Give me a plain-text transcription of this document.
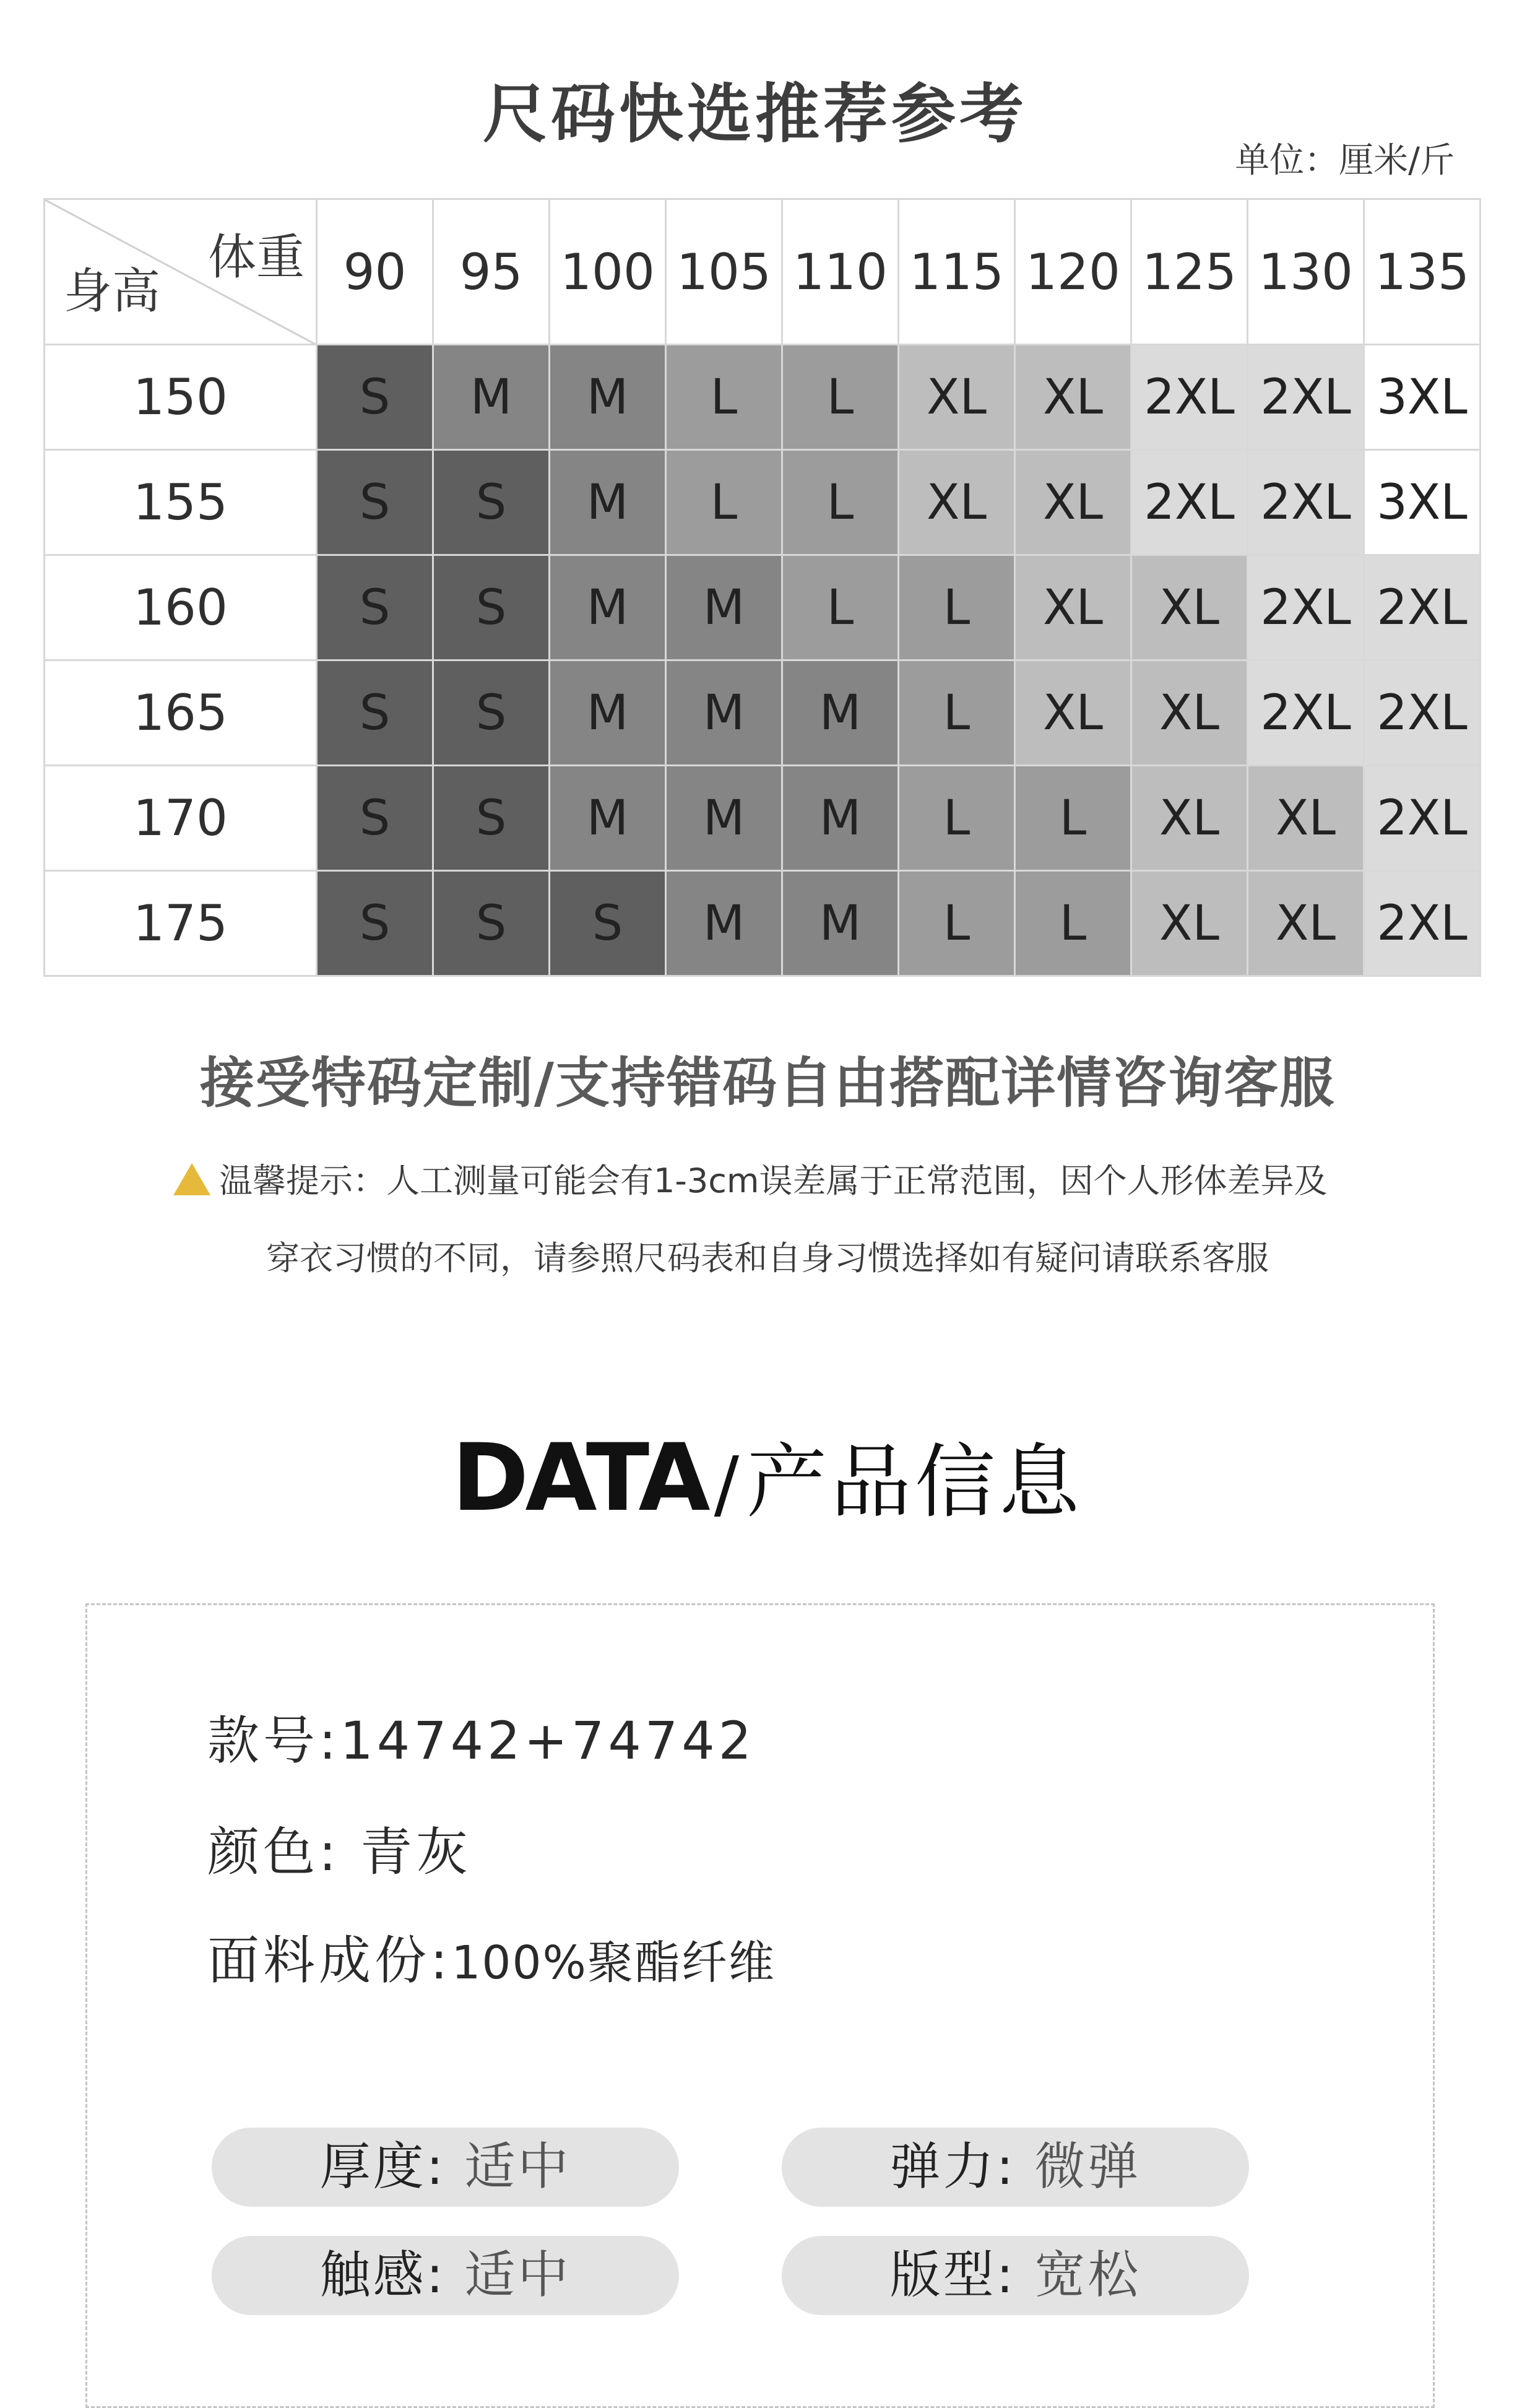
尺码快选推荐参考
单位：厘米/斤
体重
身高	90	95	100	105	110	115	120	125	130	135
150	S	M	M	L	L	XL	XL	2XL	2XL	3XL
155	S	S	M	L	L	XL	XL	2XL	2XL	3XL
160	S	S	M	M	L	L	XL	XL	2XL	2XL
165	S	S	M	M	M	L	XL	XL	2XL	2XL
170	S	S	M	M	M	L	L	XL	XL	2XL
175	S	S	S	M	M	L	L	XL	XL	2XL
接受特码定制/支持错码自由搭配详情咨询客服
温馨提示：人工测量可能会有1-3cm误差属于正常范围，因个人形体差异及
穿衣习惯的不同，请参照尺码表和自身习惯选择如有疑问请联系客服
DATA /产品信息
款号:14742+74742
颜色: 青灰
面料成份:100%聚酯纤维
厚度: 适中	弹力: 微弹
触感: 适中	版型: 宽松
